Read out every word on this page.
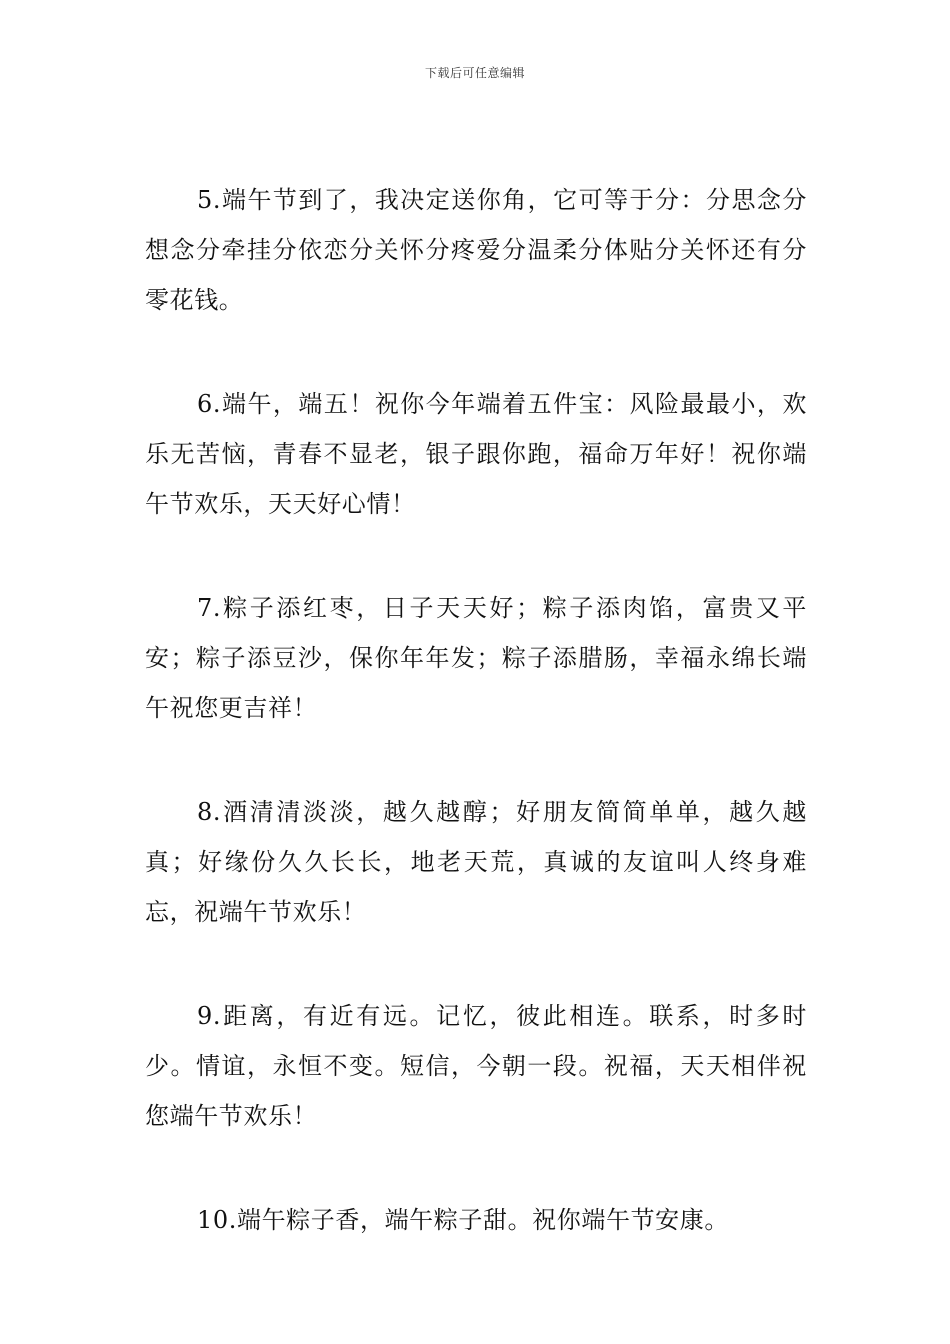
下载后可任意编辑

5.端午节到了，我决定送你角，它可等于分：分思念分想念分牵挂分依恋分关怀分疼爱分温柔分体贴分关怀还有分零花钱。

6.端午，端五！祝你今年端着五件宝：风险最最小，欢乐无苦恼，青春不显老，银子跟你跑，福命万年好！祝你端午节欢乐，天天好心情！

7.粽子添红枣，日子天天好；粽子添肉馅，富贵又平安；粽子添豆沙，保你年年发；粽子添腊肠，幸福永绵长端午祝您更吉祥！

8.酒清清淡淡，越久越醇；好朋友简简单单，越久越真；好缘份久久长长，地老天荒，真诚的友谊叫人终身难忘，祝端午节欢乐！

9.距离，有近有远。记忆，彼此相连。联系，时多时少。情谊，永恒不变。短信，今朝一段。祝福，天天相伴祝您端午节欢乐！

10.端午粽子香，端午粽子甜。祝你端午节安康。
